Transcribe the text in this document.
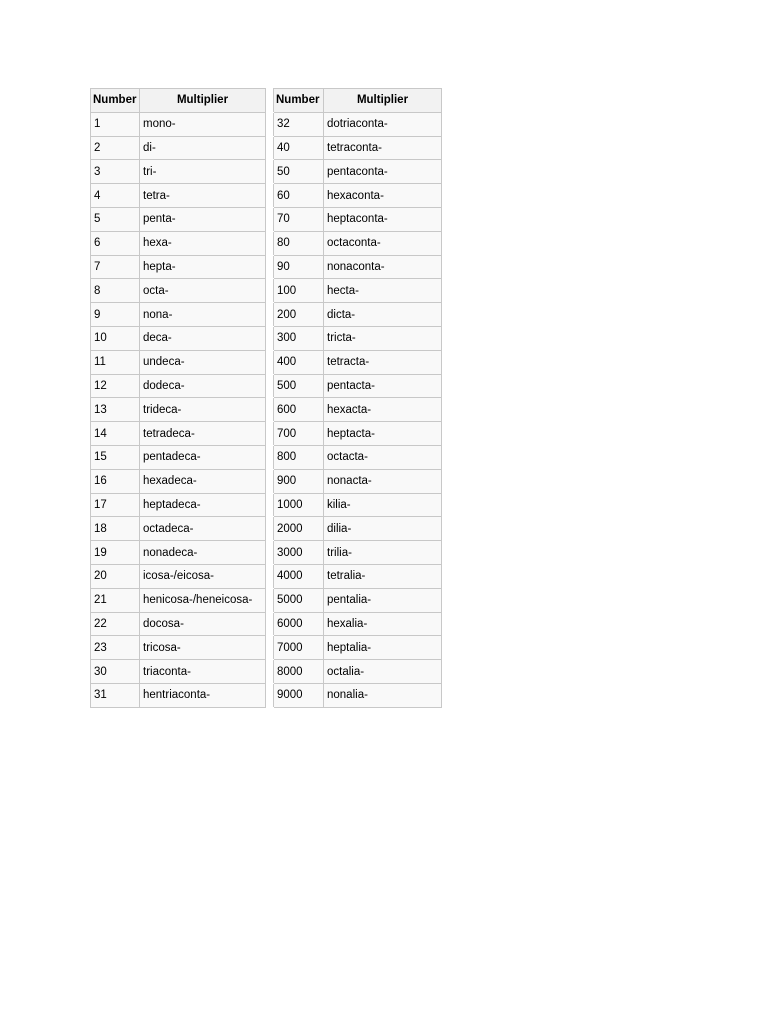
Number	Multiplier		Number	Multiplier
1	mono-		32	dotriaconta-
2	di-		40	tetraconta-
3	tri-		50	pentaconta-
4	tetra-		60	hexaconta-
5	penta-		70	heptaconta-
6	hexa-		80	octaconta-
7	hepta-		90	nonaconta-
8	octa-		100	hecta-
9	nona-		200	dicta-
10	deca-		300	tricta-
11	undeca-		400	tetracta-
12	dodeca-		500	pentacta-
13	trideca-		600	hexacta-
14	tetradeca-		700	heptacta-
15	pentadeca-		800	octacta-
16	hexadeca-		900	nonacta-
17	heptadeca-		1000	kilia-
18	octadeca-		2000	dilia-
19	nonadeca-		3000	trilia-
20	icosa-/eicosa-		4000	tetralia-
21	henicosa-/heneicosa-		5000	pentalia-
22	docosa-		6000	hexalia-
23	tricosa-		7000	heptalia-
30	triaconta-		8000	octalia-
31	hentriaconta-		9000	nonalia-
